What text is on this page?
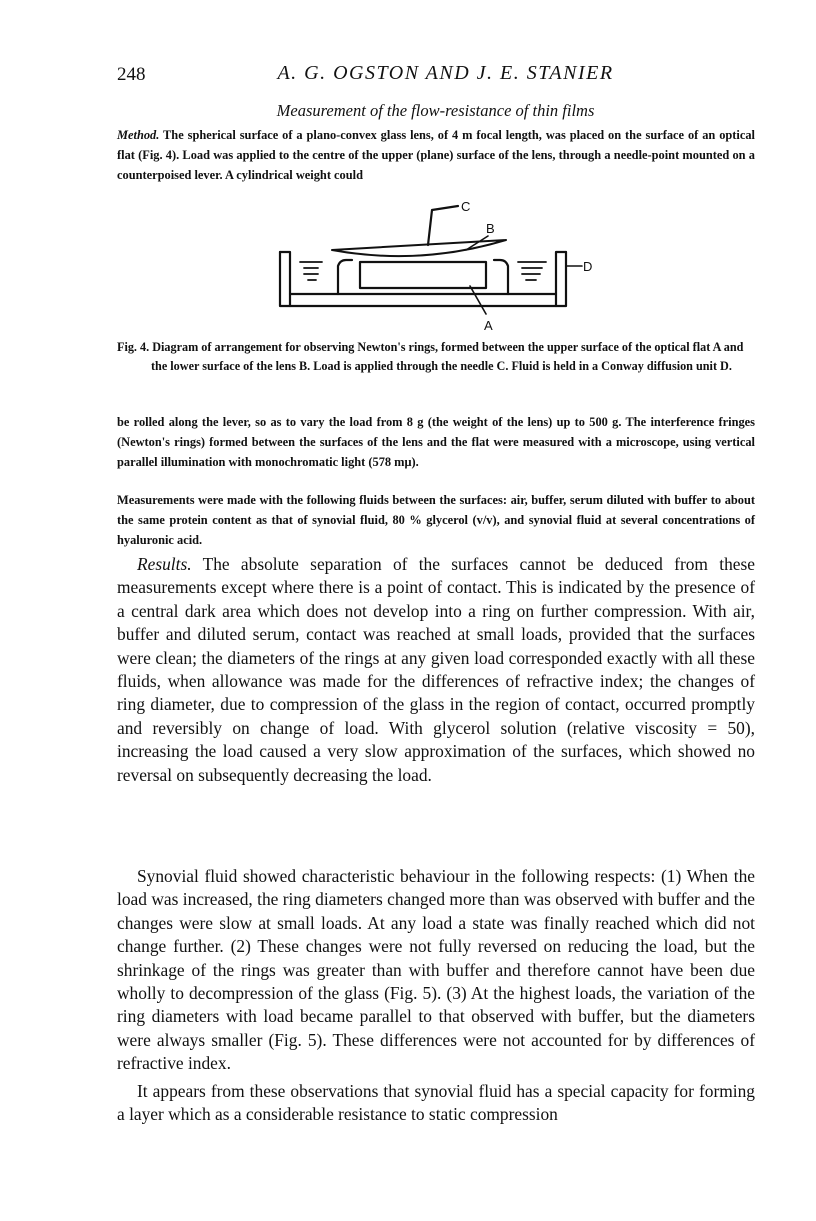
248	A. G. OGSTON AND J. E. STANIER
Measurement of the flow-resistance of thin films
Method. The spherical surface of a plano-convex glass lens, of 4 m focal length, was placed on the surface of an optical flat (Fig. 4). Load was applied to the centre of the upper (plane) surface of the lens, through a needle-point mounted on a counterpoised lever. A cylindrical weight could
C
B
D
A
Fig. 4. Diagram of arrangement for observing Newton's rings, formed between the upper surface of the optical flat A and the lower surface of the lens B. Load is applied through the needle C. Fluid is held in a Conway diffusion unit D.
be rolled along the lever, so as to vary the load from 8 g (the weight of the lens) up to 500 g. The interference fringes (Newton's rings) formed between the surfaces of the lens and the flat were measured with a microscope, using vertical parallel illumination with monochromatic light (578 mμ).
Measurements were made with the following fluids between the surfaces: air, buffer, serum diluted with buffer to about the same protein content as that of synovial fluid, 80 % glycerol (v/v), and synovial fluid at several concentrations of hyaluronic acid.
Results. The absolute separation of the surfaces cannot be deduced from these measurements except where there is a point of contact. This is indicated by the presence of a central dark area which does not develop into a ring on further compression. With air, buffer and diluted serum, contact was reached at small loads, provided that the surfaces were clean; the diameters of the rings at any given load corresponded exactly with all these fluids, when allowance was made for the differences of refractive index; the changes of ring diameter, due to compression of the glass in the region of contact, occurred promptly and reversibly on change of load. With glycerol solution (relative viscosity = 50), increasing the load caused a very slow approximation of the surfaces, which showed no reversal on subsequently decreasing the load.
Synovial fluid showed characteristic behaviour in the following respects: (1) When the load was increased, the ring diameters changed more than was observed with buffer and the changes were slow at small loads. At any load a state was finally reached which did not change further. (2) These changes were not fully reversed on reducing the load, but the shrinkage of the rings was greater than with buffer and therefore cannot have been due wholly to decompression of the glass (Fig. 5). (3) At the highest loads, the variation of the ring diameters with load became parallel to that observed with buffer, but the diameters were always smaller (Fig. 5). These differences were not accounted for by differences of refractive index.
It appears from these observations that synovial fluid has a special capacity for forming a layer which as a considerable resistance to static compression
